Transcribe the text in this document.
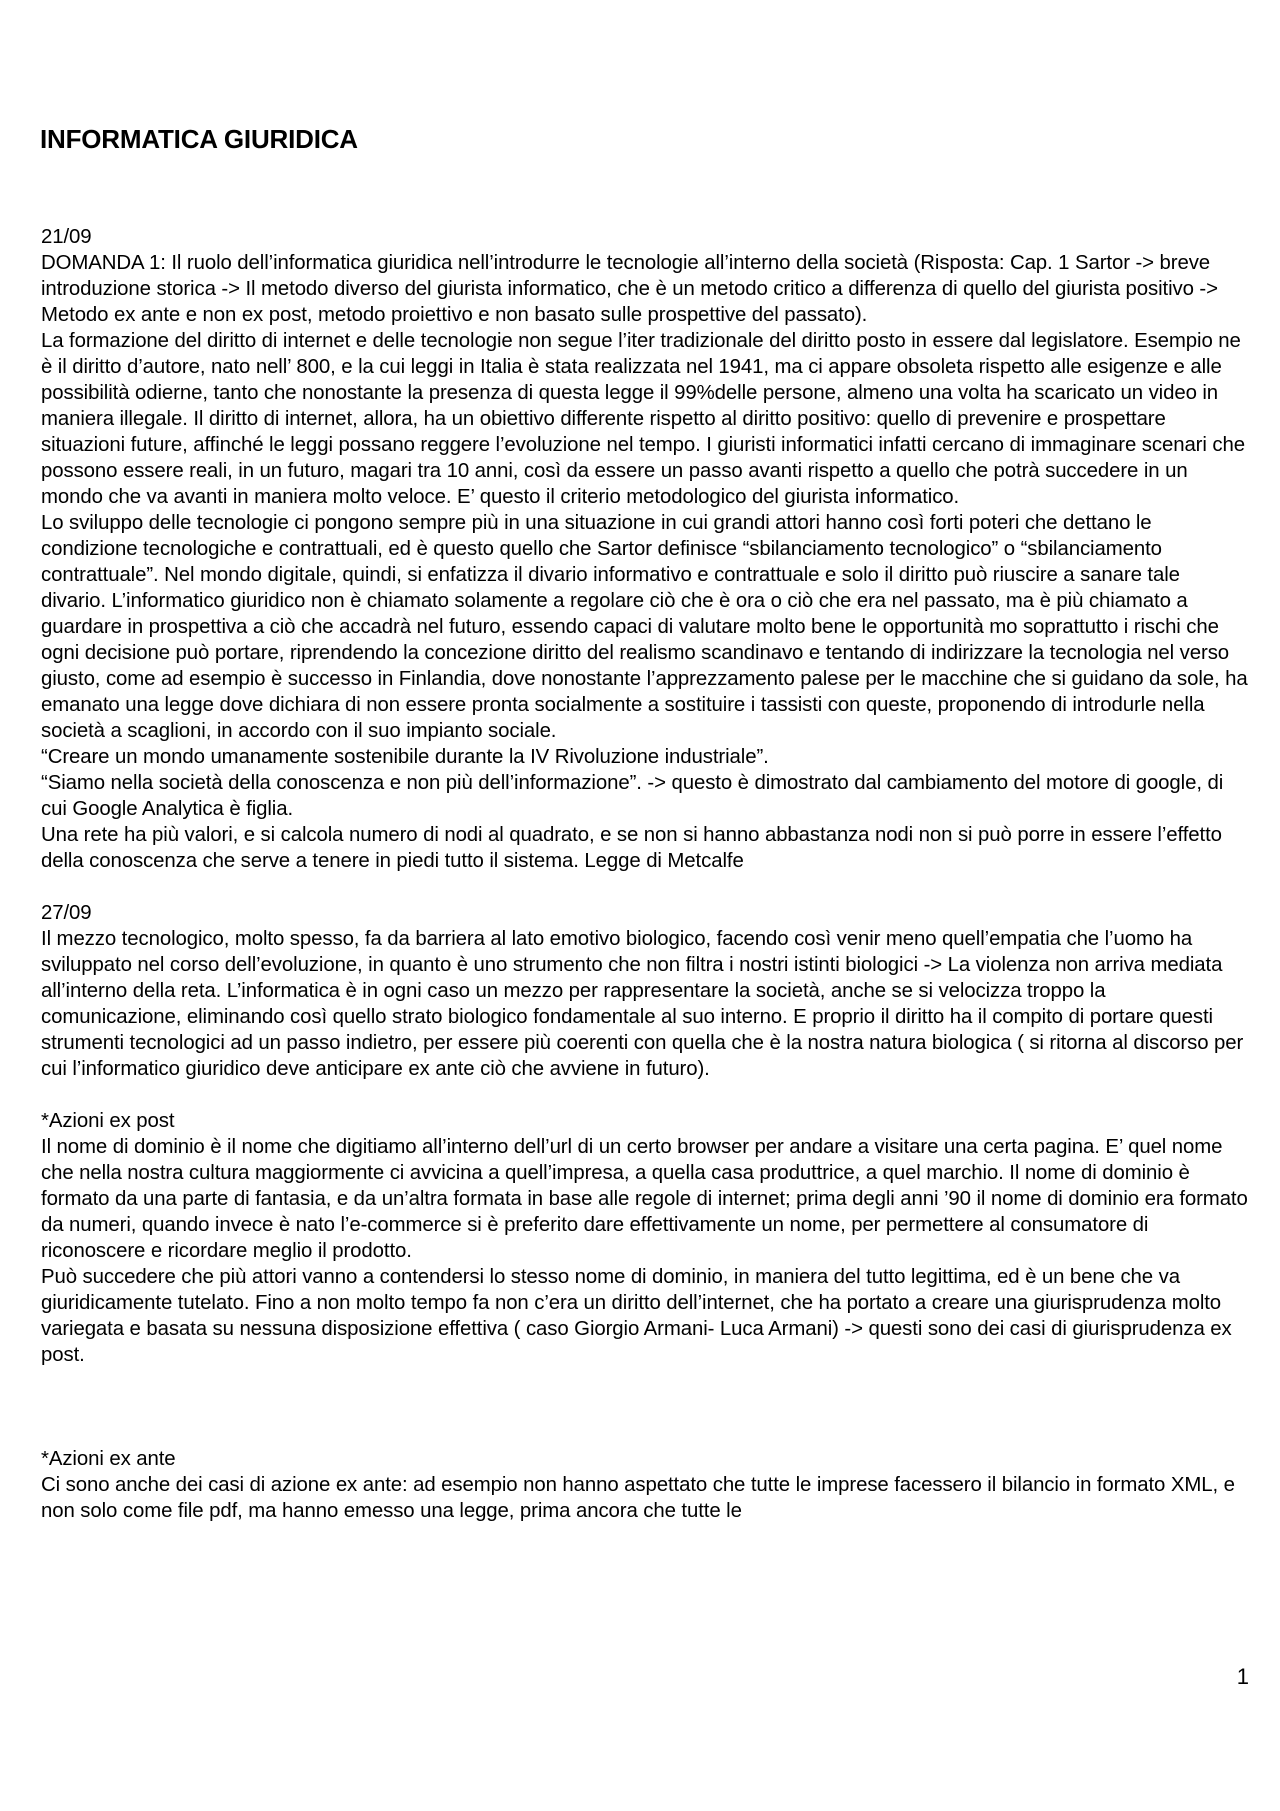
INFORMATICA GIURIDICA

21/09

DOMANDA 1: Il ruolo dell’informatica giuridica nell’introdurre le tecnologie all’interno della società (Risposta: Cap. 1 Sartor -> breve introduzione storica -> Il metodo diverso del giurista informatico, che è un metodo critico a differenza di quello del giurista positivo -> Metodo ex ante e non ex post, metodo proiettivo e non basato sulle prospettive del passato).

La formazione del diritto di internet e delle tecnologie non segue l’iter tradizionale del diritto posto in essere dal legislatore. Esempio ne è il diritto d’autore, nato nell’ 800, e la cui leggi in Italia è stata realizzata nel 1941, ma ci appare obsoleta rispetto alle esigenze e alle possibilità odierne, tanto che nonostante la presenza di questa legge il 99%delle persone, almeno una volta ha scaricato un video in maniera illegale. Il diritto di internet, allora, ha un obiettivo differente rispetto al diritto positivo: quello di prevenire e prospettare situazioni future, affinché le leggi possano reggere l’evoluzione nel tempo. I giuristi informatici infatti cercano di immaginare scenari che possono essere reali, in un futuro, magari tra 10 anni, così da essere un passo avanti rispetto a quello che potrà succedere in un mondo che va avanti in maniera molto veloce. E’ questo il criterio metodologico del giurista informatico.

Lo sviluppo delle tecnologie ci pongono sempre più in una situazione in cui grandi attori hanno così forti poteri che dettano le condizione tecnologiche e contrattuali, ed è questo quello che Sartor definisce “sbilanciamento tecnologico” o “sbilanciamento contrattuale”. Nel mondo digitale, quindi, si enfatizza il divario informativo e contrattuale e solo il diritto può riuscire a sanare tale divario. L’informatico giuridico non è chiamato solamente a regolare ciò che è ora o ciò che era nel passato, ma è più chiamato a guardare in prospettiva a ciò che accadrà nel futuro, essendo capaci di valutare molto bene le opportunità mo soprattutto i rischi che ogni decisione può portare, riprendendo la concezione diritto del realismo scandinavo e tentando di indirizzare la tecnologia nel verso giusto, come ad esempio è successo in Finlandia, dove nonostante l’apprezzamento palese per le macchine che si guidano da sole, ha emanato una legge dove dichiara di non essere pronta socialmente a sostituire i tassisti con queste, proponendo di introdurle nella società a scaglioni, in accordo con il suo impianto sociale.

“Creare un mondo umanamente sostenibile durante la IV Rivoluzione industriale”.

“Siamo nella società della conoscenza e non più dell’informazione”. -> questo è dimostrato dal cambiamento del motore di google, di cui Google Analytica è figlia.

Una rete ha più valori, e si calcola numero di nodi al quadrato, e se non si hanno abbastanza nodi non si può porre in essere l’effetto della conoscenza che serve a tenere in piedi tutto il sistema. Legge di Metcalfe

27/09

Il mezzo tecnologico, molto spesso, fa da barriera al lato emotivo biologico, facendo così venir meno quell’empatia che l’uomo ha sviluppato nel corso dell’evoluzione, in quanto è uno strumento che non filtra i nostri istinti biologici -> La violenza non arriva mediata all’interno della reta. L’informatica è in ogni caso un mezzo per rappresentare la società, anche se si velocizza troppo la comunicazione, eliminando così quello strato biologico fondamentale al suo interno. E proprio il diritto ha il compito di portare questi strumenti tecnologici ad un passo indietro, per essere più coerenti con quella che è la nostra natura biologica ( si ritorna al discorso per cui l’informatico giuridico deve anticipare ex ante ciò che avviene in futuro).

*Azioni ex post

Il nome di dominio è il nome che digitiamo all’interno dell’url di un certo browser per andare a visitare una certa pagina. E’ quel nome che nella nostra cultura maggiormente ci avvicina a quell’impresa, a quella casa produttrice, a quel marchio. Il nome di dominio è formato da una parte di fantasia, e da un’altra formata in base alle regole di internet; prima degli anni ’90 il nome di dominio era formato da numeri, quando invece è nato l’e-commerce si è preferito dare effettivamente un nome, per permettere al consumatore di riconoscere e ricordare meglio il prodotto.

Può succedere che più attori vanno a contendersi lo stesso nome di dominio, in maniera del tutto legittima, ed è un bene che va giuridicamente tutelato. Fino a non molto tempo fa non c’era un diritto dell’internet, che ha portato a creare una giurisprudenza molto variegata e basata su nessuna disposizione effettiva ( caso Giorgio Armani- Luca Armani) -> questi sono dei casi di giurisprudenza ex post.

*Azioni ex ante

Ci sono anche dei casi di azione ex ante: ad esempio non hanno aspettato che tutte le imprese facessero il bilancio in formato XML, e non solo come file pdf, ma hanno emesso una legge, prima ancora che tutte le

1
